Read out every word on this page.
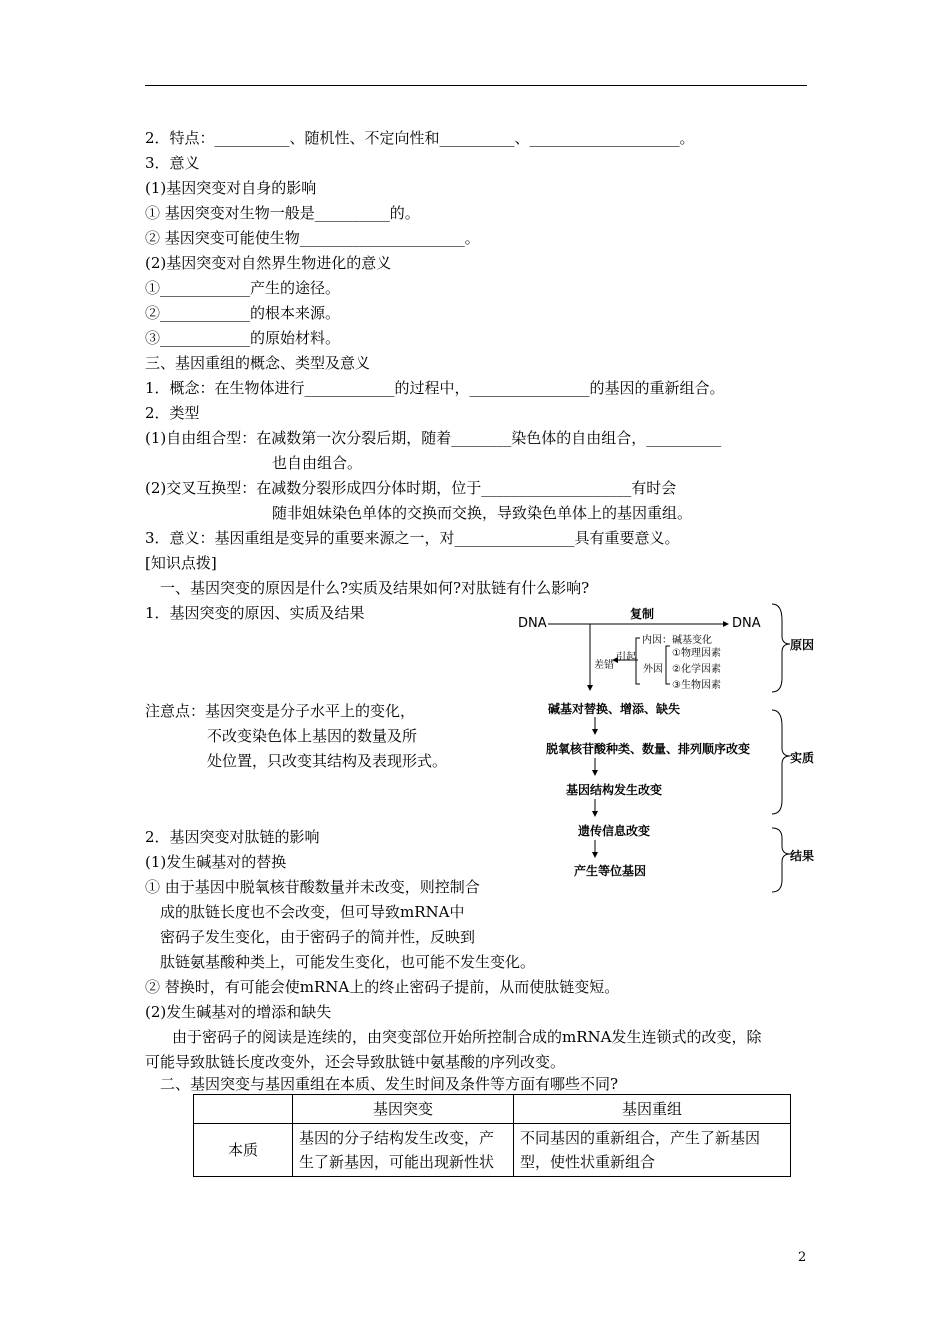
2．特点：__________、随机性、不定向性和__________、____________________。
3．意义
(1)基因突变对自身的影响
① 基因突变对生物一般是__________的。
② 基因突变可能使生物______________________。
(2)基因突变对自然界生物进化的意义
①____________产生的途径。
②____________的根本来源。
③____________的原始材料。
三、基因重组的概念、类型及意义
1．概念：在生物体进行____________的过程中，________________的基因的重新组合。
2．类型
(1)自由组合型：在减数第一次分裂后期，随着________染色体的自由组合，__________
也自由组合。
(2)交叉互换型：在减数分裂形成四分体时期，位于____________________有时会
随非姐妹染色单体的交换而交换，导致染色单体上的基因重组。
3．意义：基因重组是变异的重要来源之一，对________________具有重要意义。
[知识点拨]
一、基因突变的原因是什么?实质及结果如何?对肽链有什么影响?
1．基因突变的原因、实质及结果
注意点：基因突变是分子水平上的变化，
不改变染色体上基因的数量及所
处位置，只改变其结构及表现形式。
2．基因突变对肽链的影响
(1)发生碱基对的替换
① 由于基因中脱氧核苷酸数量并未改变，则控制合
成的肽链长度也不会改变，但可导致mRNA中
密码子发生变化，由于密码子的简并性，反映到
肽链氨基酸种类上，可能发生变化，也可能不发生变化。
② 替换时，有可能会使mRNA上的终止密码子提前，从而使肽链变短。
(2)发生碱基对的增添和缺失
由于密码子的阅读是连续的，由突变部位开始所控制合成的mRNA发生连锁式的改变，除
可能导致肽链长度改变外，还会导致肽链中氨基酸的序列改变。
二、基因突变与基因重组在本质、发生时间及条件等方面有哪些不同?
DNA	DNA
复制
引起
差错
内因：碱基变化
外因
①物理因素
②化学因素
③生物因素
碱基对替换、增添、缺失
脱氧核苷酸种类、数量、排列顺序改变
基因结构发生改变
遗传信息改变
产生等位基因
原因
实质
结果
	基因突变	基因重组
本质	基因的分子结构发生改变，产生了新基因，可能出现新性状	不同基因的重新组合，产生了新基因型，使性状重新组合
2
